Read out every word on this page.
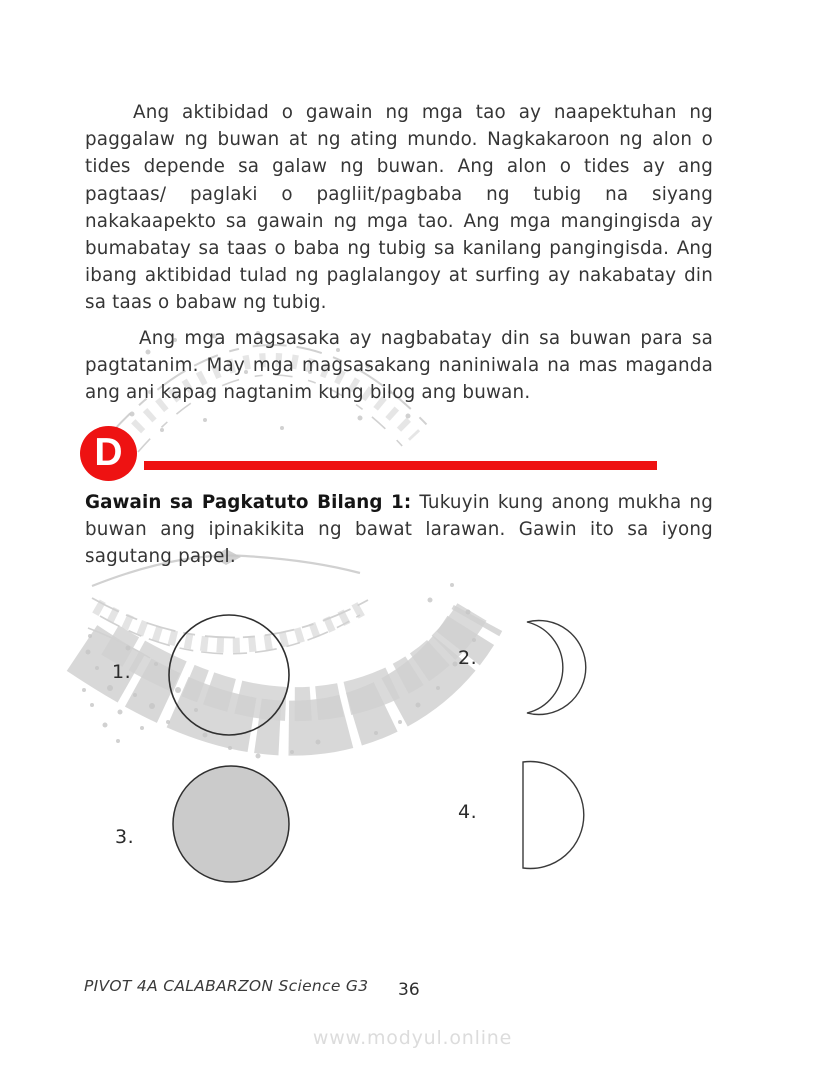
Ang aktibidad o gawain ng mga tao ay naapektuhan ng paggalaw ng buwan at ng ating mundo. Nagkakaroon ng alon o tides depende sa galaw ng buwan. Ang alon o tides ay ang pagtaas/ paglaki o pagliit/pagbaba ng tubig na siyang nakakaapekto sa gawain ng mga tao. Ang mga mangingisda ay bumabatay sa taas o baba ng tubig sa kanilang pangingisda. Ang ibang aktibidad tulad ng paglalangoy at surfing ay nakabatay din sa taas o babaw ng tubig.

Ang mga magsasaka ay nagbabatay din sa buwan para sa pagtatanim. May mga magsasakang naniniwala na mas maganda ang ani kapag nagtanim kung bilog ang buwan.

D

Gawain sa Pagkatuto Bilang 1: Tukuyin kung anong mukha ng buwan ang ipinakikita ng bawat larawan. Gawin ito sa iyong sagutang papel.

1.
2.
3.
4.
PIVOT 4A CALABARZON Science G3 36
www.modyul.online
